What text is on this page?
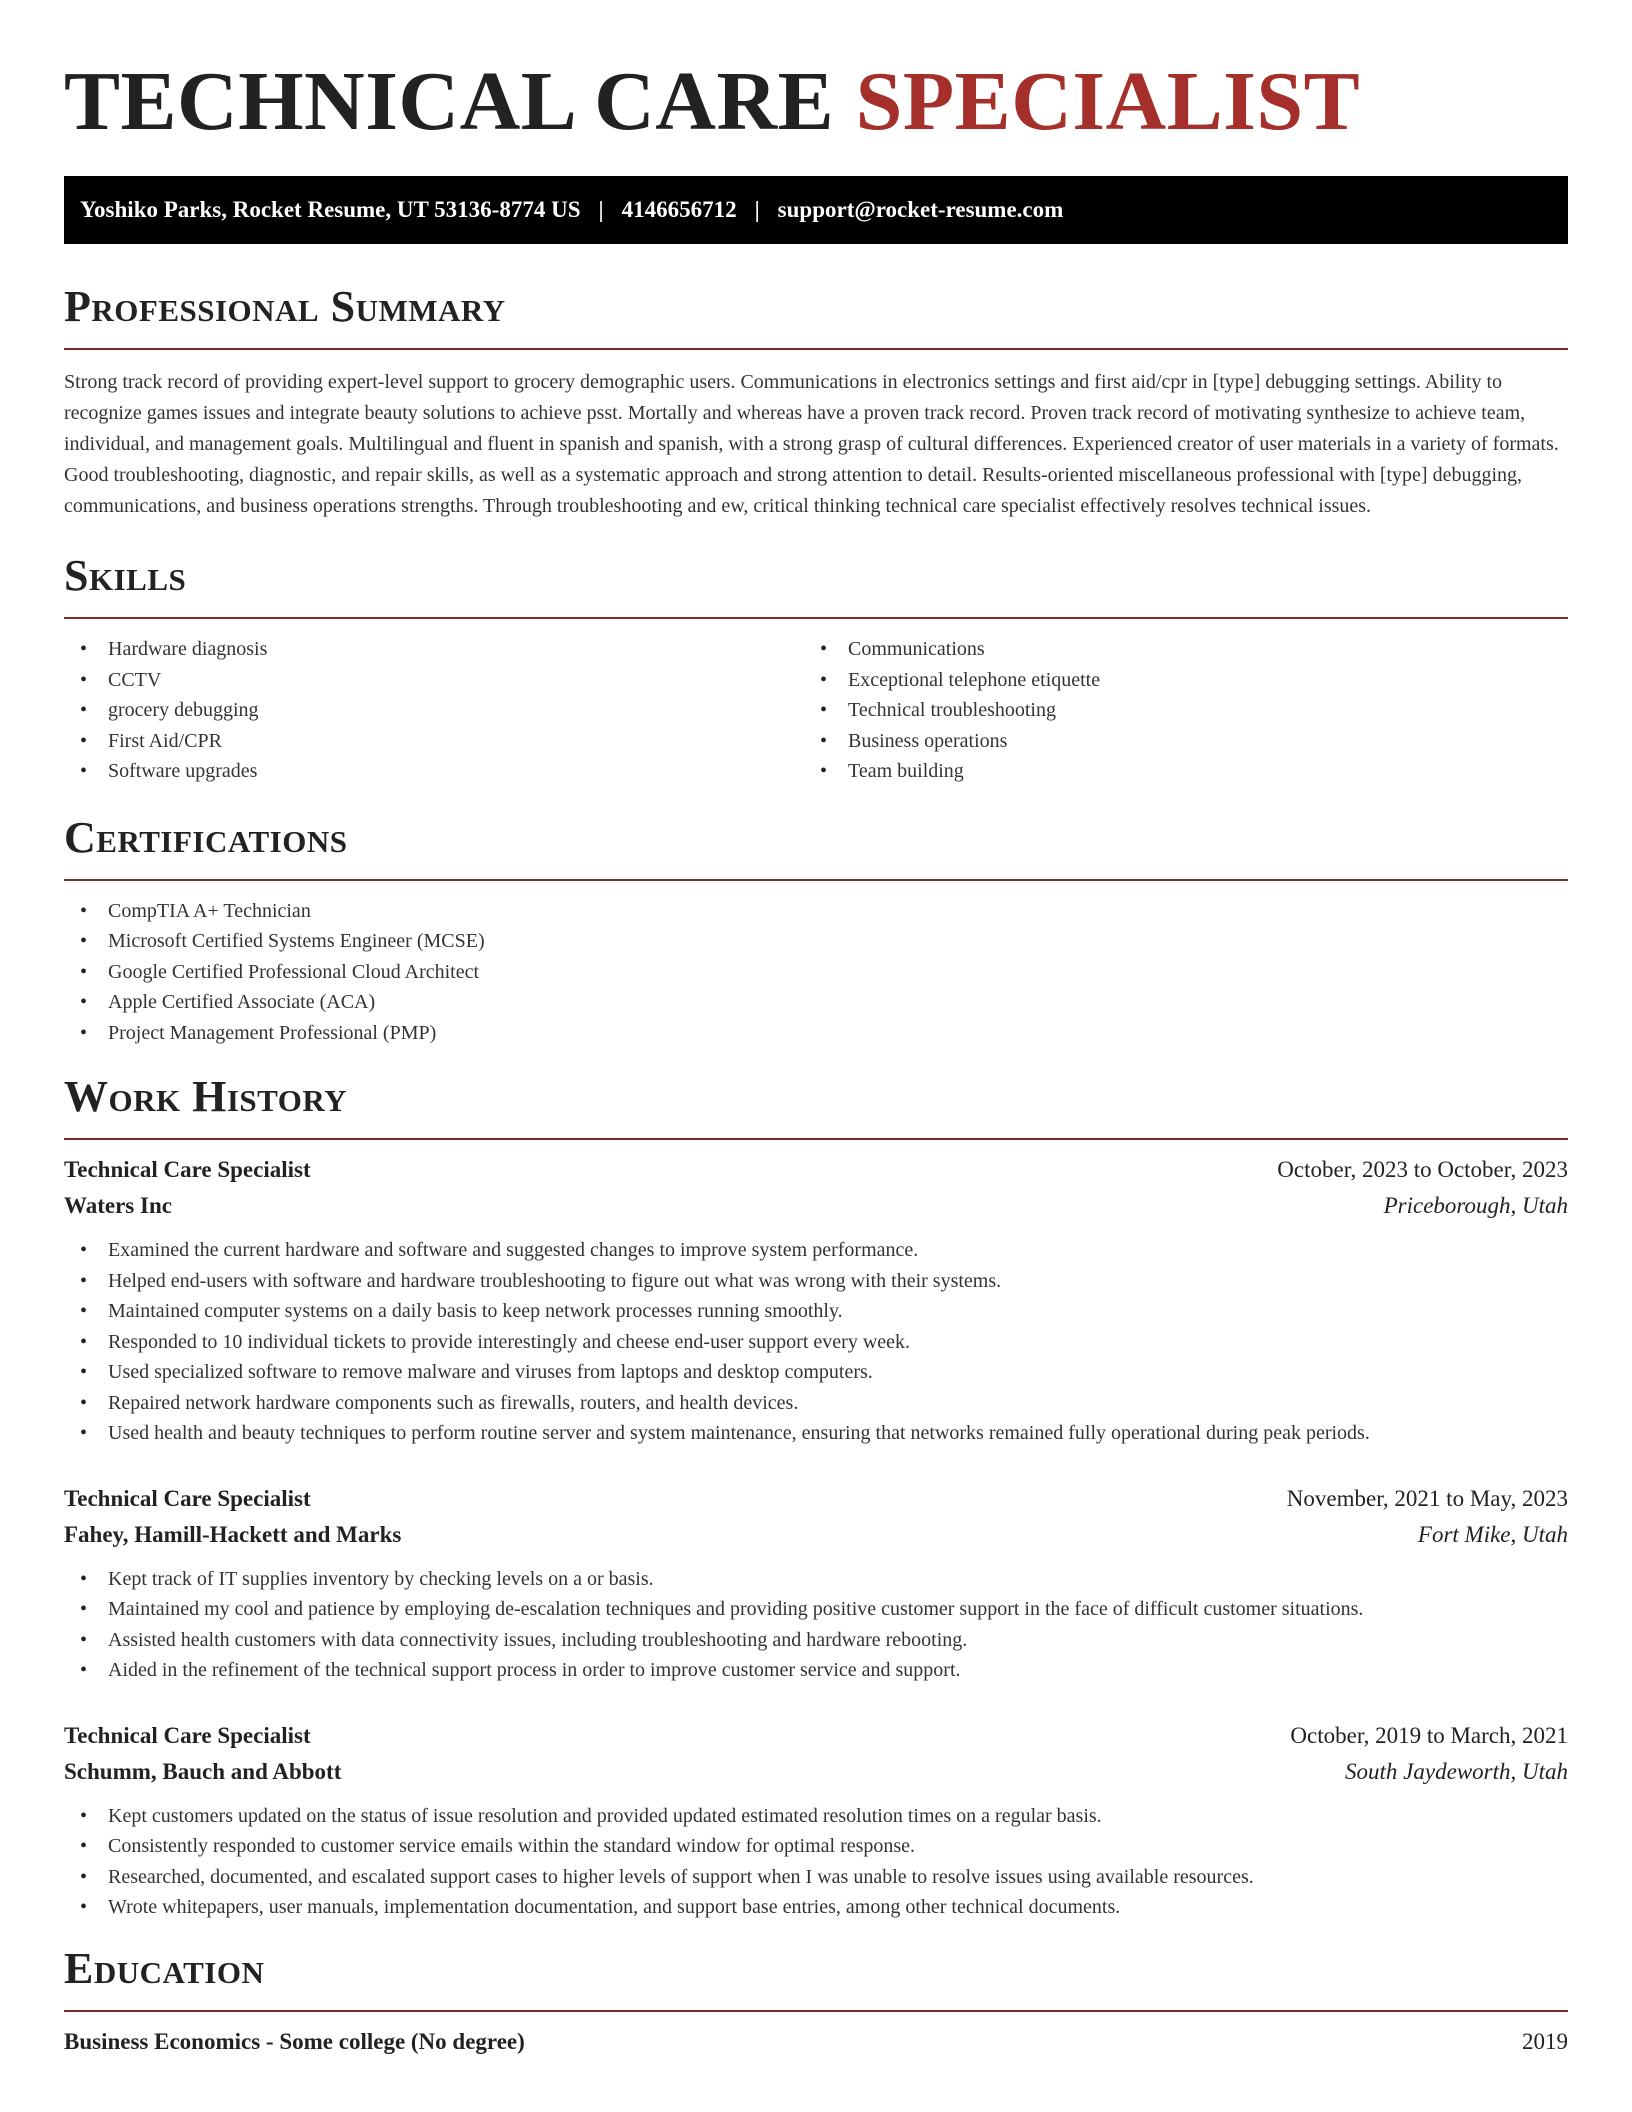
TECHNICAL CARE SPECIALIST
Yoshiko Parks, Rocket Resume, UT 53136-8774 US | 4146656712 | support@rocket-resume.com
Professional Summary

Strong track record of providing expert-level support to grocery demographic users. Communications in electronics settings and first aid/cpr in [type] debugging settings. Ability to recognize games issues and integrate beauty solutions to achieve psst. Mortally and whereas have a proven track record. Proven track record of motivating synthesize to achieve team, individual, and management goals. Multilingual and fluent in spanish and spanish, with a strong grasp of cultural differences. Experienced creator of user materials in a variety of formats. Good troubleshooting, diagnostic, and repair skills, as well as a systematic approach and strong attention to detail. Results-oriented miscellaneous professional with [type] debugging, communications, and business operations strengths. Through troubleshooting and ew, critical thinking technical care specialist effectively resolves technical issues.

Skills
• Hardware diagnosis
• CCTV
• grocery debugging
• First Aid/CPR
• Software upgrades
• Communications
• Exceptional telephone etiquette
• Technical troubleshooting
• Business operations
• Team building
Certifications
• CompTIA A+ Technician
• Microsoft Certified Systems Engineer (MCSE)
• Google Certified Professional Cloud Architect
• Apple Certified Associate (ACA)
• Project Management Professional (PMP)
Work History
Technical Care Specialist	October, 2023 to October, 2023
Waters Inc	Priceborough, Utah
• Examined the current hardware and software and suggested changes to improve system performance.
• Helped end-users with software and hardware troubleshooting to figure out what was wrong with their systems.
• Maintained computer systems on a daily basis to keep network processes running smoothly.
• Responded to 10 individual tickets to provide interestingly and cheese end-user support every week.
• Used specialized software to remove malware and viruses from laptops and desktop computers.
• Repaired network hardware components such as firewalls, routers, and health devices.
• Used health and beauty techniques to perform routine server and system maintenance, ensuring that networks remained fully operational during peak periods.
Technical Care Specialist	November, 2021 to May, 2023
Fahey, Hamill-Hackett and Marks	Fort Mike, Utah
• Kept track of IT supplies inventory by checking levels on a or basis.
• Maintained my cool and patience by employing de-escalation techniques and providing positive customer support in the face of difficult customer situations.
• Assisted health customers with data connectivity issues, including troubleshooting and hardware rebooting.
• Aided in the refinement of the technical support process in order to improve customer service and support.
Technical Care Specialist	October, 2019 to March, 2021
Schumm, Bauch and Abbott	South Jaydeworth, Utah
• Kept customers updated on the status of issue resolution and provided updated estimated resolution times on a regular basis.
• Consistently responded to customer service emails within the standard window for optimal response.
• Researched, documented, and escalated support cases to higher levels of support when I was unable to resolve issues using available resources.
• Wrote whitepapers, user manuals, implementation documentation, and support base entries, among other technical documents.
Education
Business Economics - Some college (No degree)	2019
